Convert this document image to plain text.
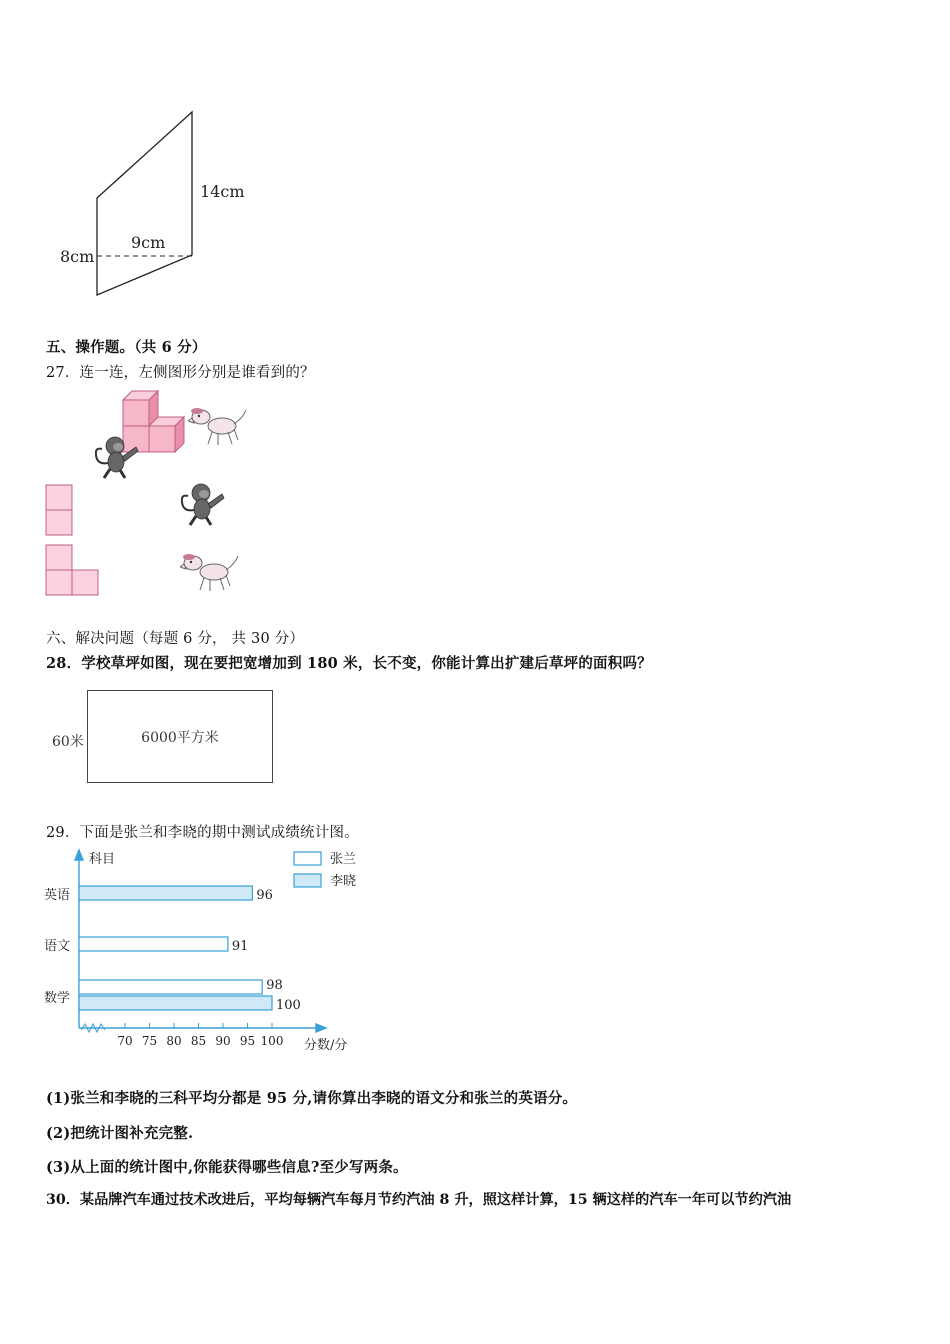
14cm
9cm
8cm
五、操作题。（共 6 分）
27．连一连，左侧图形分别是谁看到的？
六、解决问题（每题 6 分， 共 30 分）
28．学校草坪如图，现在要把宽增加到 180 米，长不变，你能计算出扩建后草坪的面积吗？
60米	6000平方米
29．下面是张兰和李晓的期中测试成绩统计图。
科目
分数/分
张兰
李晓
96
91
98
100
70 75 80 85 90 95 100
英语
语文
数学
(1)张兰和李晓的三科平均分都是 95 分,请你算出李晓的语文分和张兰的英语分。
(2)把统计图补充完整.
(3)从上面的统计图中,你能获得哪些信息?至少写两条。
30．某品牌汽车通过技术改进后，平均每辆汽车每月节约汽油 8 升，照这样计算，15 辆这样的汽车一年可以节约汽油
